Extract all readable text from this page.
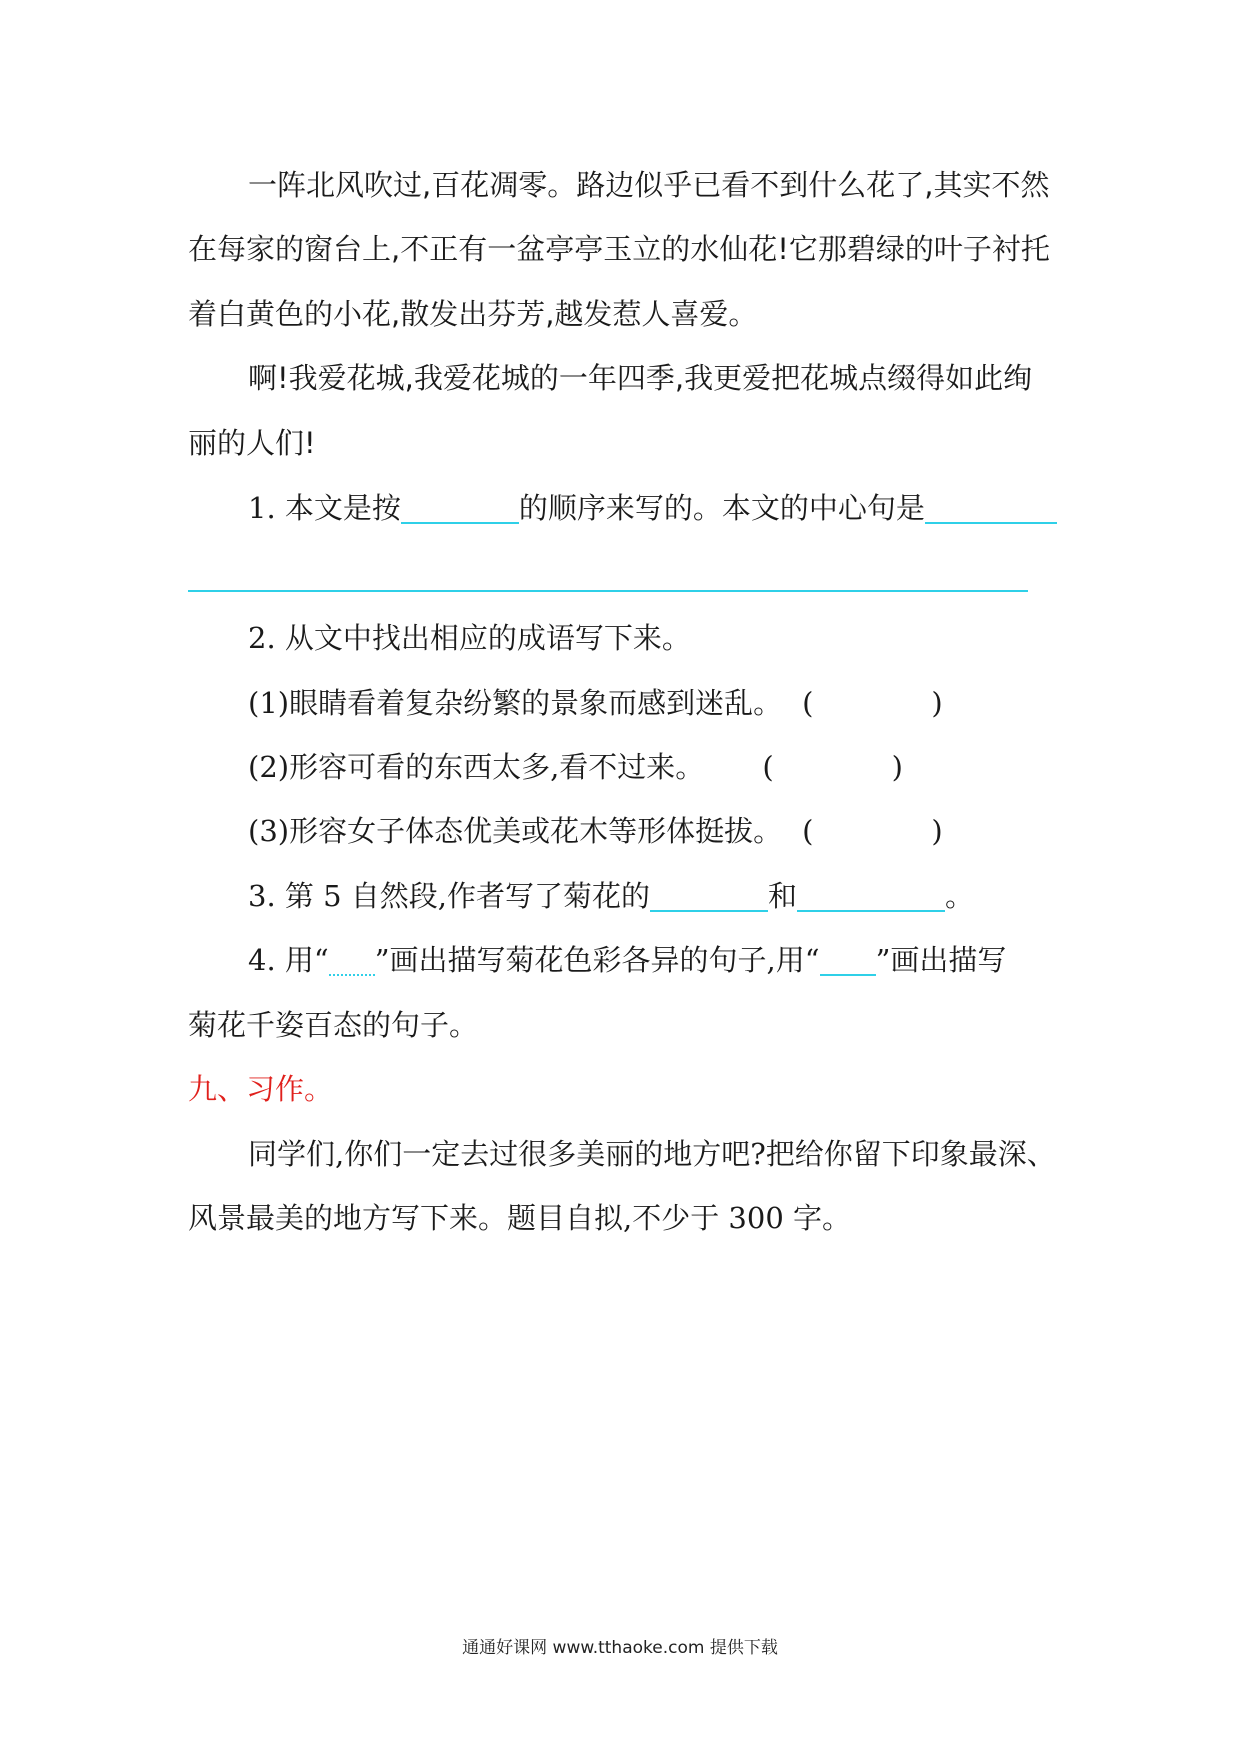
一阵北风吹过,百花凋零。路边似乎已看不到什么花了,其实不然
在每家的窗台上,不正有一盆亭亭玉立的水仙花!它那碧绿的叶子衬托
着白黄色的小花,散发出芬芳,越发惹人喜爱。
啊!我爱花城,我爱花城的一年四季,我更爱把花城点缀得如此绚
丽的人们!
1. 本文是按	的顺序来写的。本文的中心句是
2. 从文中找出相应的成语写下来。
(1)眼睛看着复杂纷繁的景象而感到迷乱。 (	)
(2)形容可看的东西太多,看不过来。 (	)
(3)形容女子体态优美或花木等形体挺拔。 (	)
3. 第 5 自然段,作者写了菊花的	和	。
4. 用“ ”画出描写菊花色彩各异的句子,用“ ”画出描写
菊花千姿百态的句子。
九、习作。
同学们,你们一定去过很多美丽的地方吧?把给你留下印象最深、
风景最美的地方写下来。题目自拟,不少于 300 字。
通通好课网 www.tthaoke.com 提供下载
